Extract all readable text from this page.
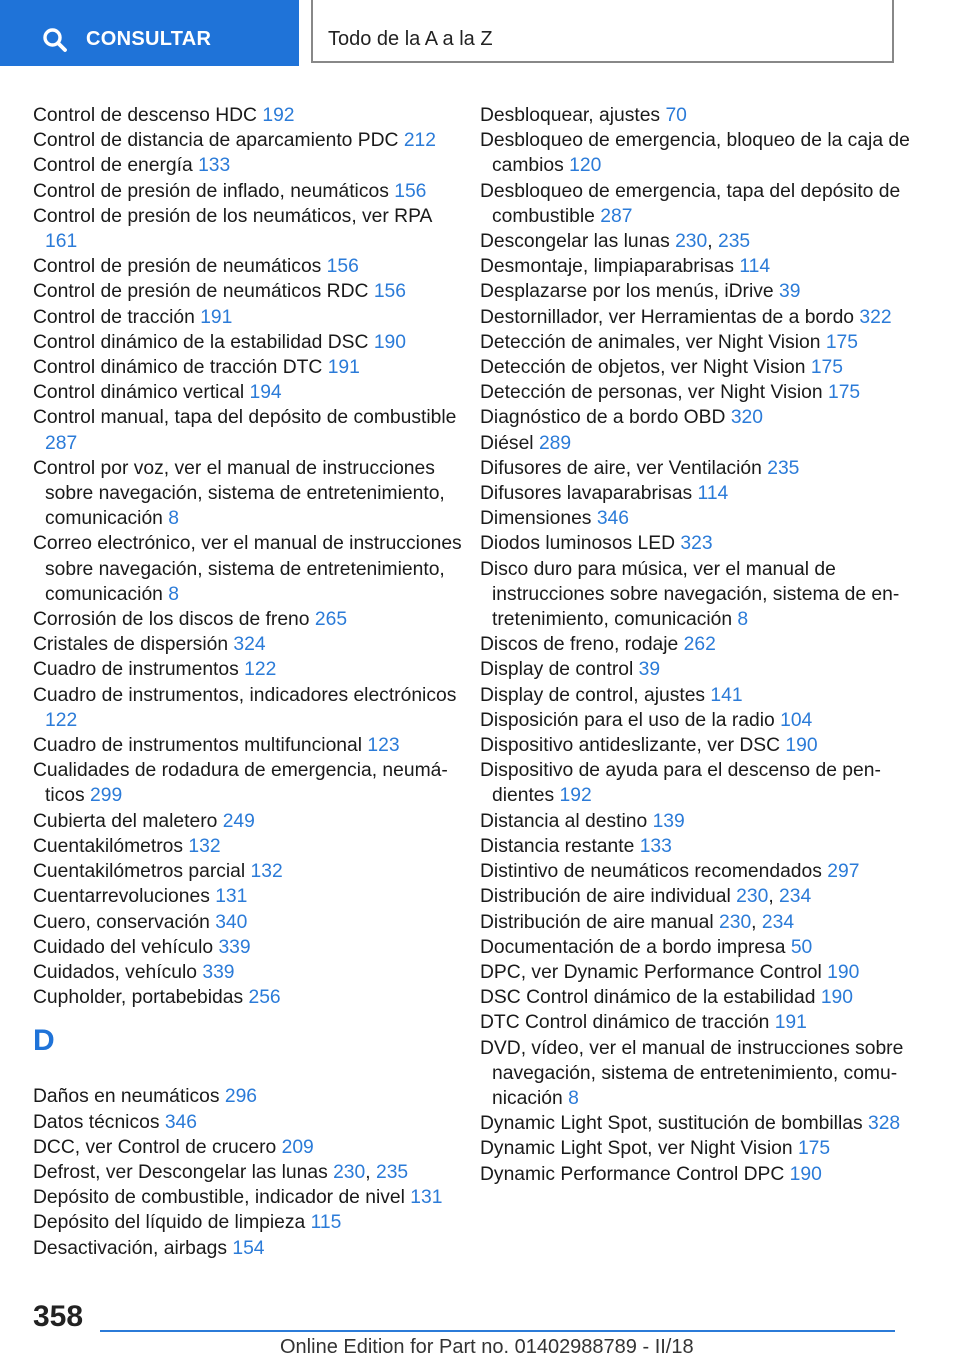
CONSULTAR	Todo de la A a la Z

Control de descenso HDC 192

Control de distancia de aparcamiento PDC 212

Control de energía 133

Control de presión de inflado, neumáticos 156

Control de presión de los neumáticos, ver RPA 161

Control de presión de neumáticos 156

Control de presión de neumáticos RDC 156

Control de tracción 191

Control dinámico de la estabilidad DSC 190

Control dinámico de tracción DTC 191

Control dinámico vertical 194

Control manual, tapa del depósito de combustible 287

Control por voz, ver el manual de instrucciones sobre navegación, sistema de entretenimiento, comunicación 8

Correo electrónico, ver el manual de instrucciones sobre navegación, sistema de entretenimiento, comunicación 8

Corrosión de los discos de freno 265

Cristales de dispersión 324

Cuadro de instrumentos 122

Cuadro de instrumentos, indicadores electrónicos 122

Cuadro de instrumentos multifuncional 123

Cualidades de rodadura de emergencia, neumáticos 299

Cubierta del maletero 249

Cuentakilómetros 132

Cuentakilómetros parcial 132

Cuentarrevoluciones 131

Cuero, conservación 340

Cuidado del vehículo 339

Cuidados, vehículo 339

Cupholder, portabebidas 256

D

Daños en neumáticos 296

Datos técnicos 346

DCC, ver Control de crucero 209

Defrost, ver Descongelar las lunas 230, 235

Depósito de combustible, indicador de nivel 131

Depósito del líquido de limpieza 115

Desactivación, airbags 154

Desbloquear, ajustes 70

Desbloqueo de emergencia, bloqueo de la caja de cambios 120

Desbloqueo de emergencia, tapa del depósito de combustible 287

Descongelar las lunas 230, 235

Desmontaje, limpiaparabrisas 114

Desplazarse por los menús, iDrive 39

Destornillador, ver Herramientas de a bordo 322

Detección de animales, ver Night Vision 175

Detección de objetos, ver Night Vision 175

Detección de personas, ver Night Vision 175

Diagnóstico de a bordo OBD 320

Diésel 289

Difusores de aire, ver Ventilación 235

Difusores lavaparabrisas 114

Dimensiones 346

Diodos luminosos LED 323

Disco duro para música, ver el manual de instrucciones sobre navegación, sistema de entretenimiento, comunicación 8

Discos de freno, rodaje 262

Display de control 39

Display de control, ajustes 141

Disposición para el uso de la radio 104

Dispositivo antideslizante, ver DSC 190

Dispositivo de ayuda para el descenso de pendientes 192

Distancia al destino 139

Distancia restante 133

Distintivo de neumáticos recomendados 297

Distribución de aire individual 230, 234

Distribución de aire manual 230, 234

Documentación de a bordo impresa 50

DPC, ver Dynamic Performance Control 190

DSC Control dinámico de la estabilidad 190

DTC Control dinámico de tracción 191

DVD, vídeo, ver el manual de instrucciones sobre navegación, sistema de entretenimiento, comunicación 8

Dynamic Light Spot, sustitución de bombillas 328

Dynamic Light Spot, ver Night Vision 175

Dynamic Performance Control DPC 190

358
Online Edition for Part no. 01402988789 - II/18
